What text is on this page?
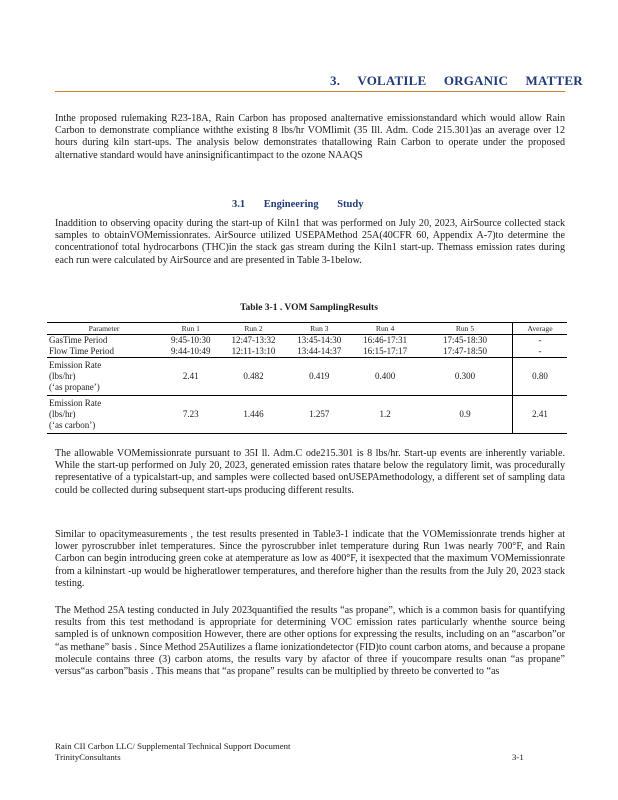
3. VOLATILE ORGANIC MATTER

Inthe proposed rulemaking R23-18A, Rain Carbon has proposed analternative emissionstandard which would allow Rain Carbon to demonstrate compliance withthe existing 8 lbs/hr VOMlimit (35 Ill. Adm. Code 215.301)as an average over 12 hours during kiln start-ups. The analysis below demonstrates thatallowing Rain Carbon to operate under the proposed alternative standard would have aninsignificantimpact to the ozone NAAQS

3.1 Engineering Study

Inaddition to observing opacity during the start-up of Kiln1 that was performed on July 20, 2023, AirSource collected stack samples to obtainVOMemissionrates. AirSource utilized USEPAMethod 25A(40CFR 60, Appendix A-7)to determine the concentrationof total hydrocarbons (THC)in the stack gas stream during the Kiln1 start-up. Themass emission rates during each run were calculated by AirSource and are presented in Table 3-1below.

Table 3-1 . VOM SamplingResults
Parameter	Run 1	Run 2	Run 3	Run 4	Run 5	Average
GasTime Period	9:45-10:30	12:47-13:32	13:45-14:30	16:46-17:31	17:45-18:30	-
Flow Time Period	9:44-10:49	12:11-13:10	13:44-14:37	16:15-17:17	17:47-18:50	-
Emission Rate
(lbs/hr)
(‘as propane’)	2.41	0.482	0.419	0.400	0.300	0.80
Emission Rate
(lbs/hr)
(‘as carbon’)	7.23	1.446	1.257	1.2	0.9	2.41

The allowable VOMemissionrate pursuant to 35I ll. Adm.C ode215.301 is 8 lbs/hr. Start-up events are inherently variable. While the start-up performed on July 20, 2023, generated emission rates thatare below the regulatory limit, was procedurally representative of a typicalstart-up, and samples were collected based onUSEPAmethodology, a different set of sampling data could be collected during subsequent start-ups producing different results.

Similar to opacitymeasurements , the test results presented in Table3-1 indicate that the VOMemissionrate trends higher at lower pyroscrubber inlet temperatures. Since the pyroscrubber inlet temperature during Run 1was nearly 700°F, and Rain Carbon can begin introducing green coke at atemperature as low as 400°F, it isexpected that the maximum VOMemissionrate from a kilninstart -up would be higheratlower temperatures, and therefore higher than the results from the July 20, 2023 stack testing.

The Method 25A testing conducted in July 2023quantified the results “as propane”, which is a common basis for quantifying results from this test methodand is appropriate for determining VOC emission rates particularly whenthe source being sampled is of unknown composition However, there are other options for expressing the results, including on an “ascarbon”or “as methane” basis . Since Method 25Autilizes a flame ionizationdetector (FID)to count carbon atoms, and because a propane molecule contains three (3) carbon atoms, the results vary by afactor of three if youcompare results onan “as propane” versus“as carbon”basis . This means that “as propane” results can be multiplied by threeto be converted to “as

Rain CII Carbon LLC/ Supplemental Technical Support Document
TrinityConsultants	3-1
